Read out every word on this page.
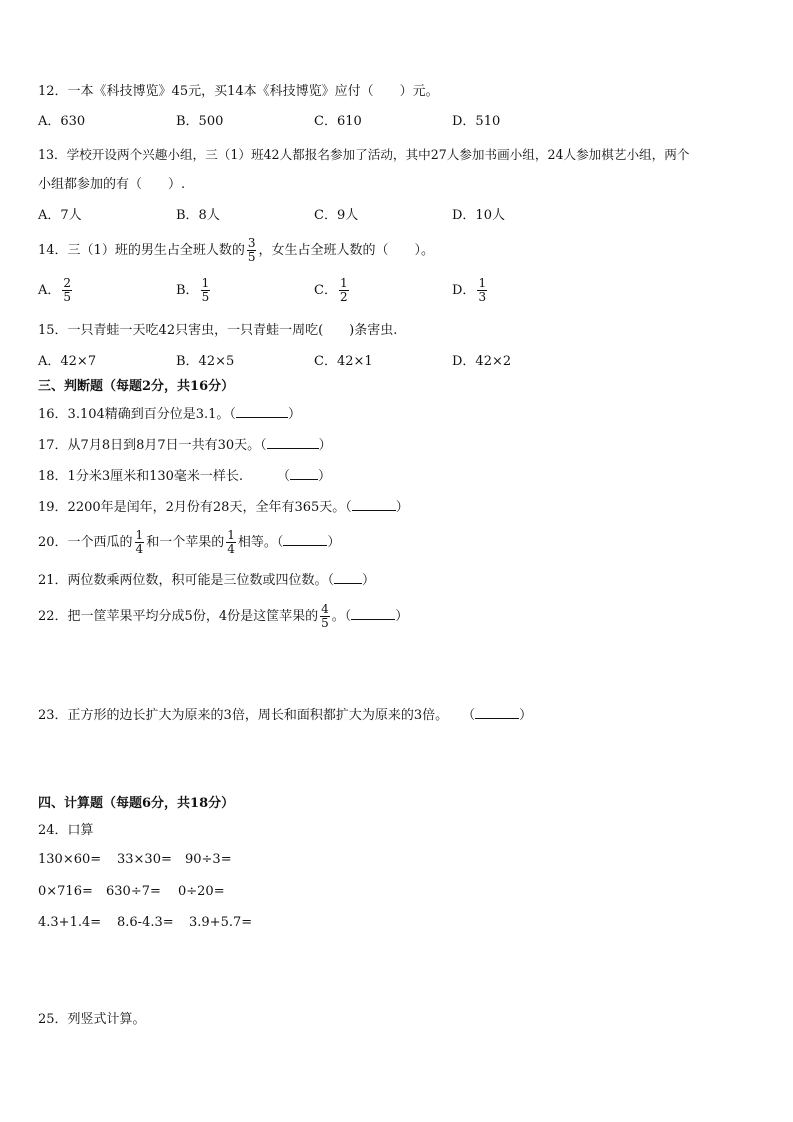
12．一本《科技博览》45元，买14本《科技博览》应付（　　）元。
A．630	B．500	C．610	D．510
13．学校开设两个兴趣小组，三（1）班42人都报名参加了活动，其中27人参加书画小组，24人参加棋艺小组，两个
小组都参加的有（　　）.
A．7人	B．8人	C．9人	D．10人
14．三（1）班的男生占全班人数的 $\frac{3}{5}$ ，女生占全班人数的（　　）。
A． $\frac{2}{5}$	B． $\frac{1}{5}$	C． $\frac{1}{2}$	D． $\frac{1}{3}$
15．一只青蛙一天吃42只害虫，一只青蛙一周吃(　　)条害虫.
A．42×7	B．42×5	C．42×1	D．42×2
三、判断题（每题2分，共16分）
16．3.104精确到百分位是3.1。（	）
17．从7月8日到8月7日一共有30天。（	）
18．1分米3厘米和130毫米一样长.	（ ）
19．2200年是闰年，2月份有28天，全年有365天。（	）
20．一个西瓜的 $\frac{1}{4}$ 和一个苹果的 $\frac{1}{4}$ 相等。（	）
21．两位数乘两位数，积可能是三位数或四位数。（ ）
22．把一筐苹果平均分成5份，4份是这筐苹果的 $\frac{4}{5}$ 。（	）
23．正方形的边长扩大为原来的3倍，周长和面积都扩大为原来的3倍。 （	）
四、计算题（每题6分，共18分）
24．口算
130×60= 33×30= 90÷3=
0×716= 630÷7= 0÷20=
4.3+1.4= 8.6-4.3= 3.9+5.7=
25．列竖式计算。
